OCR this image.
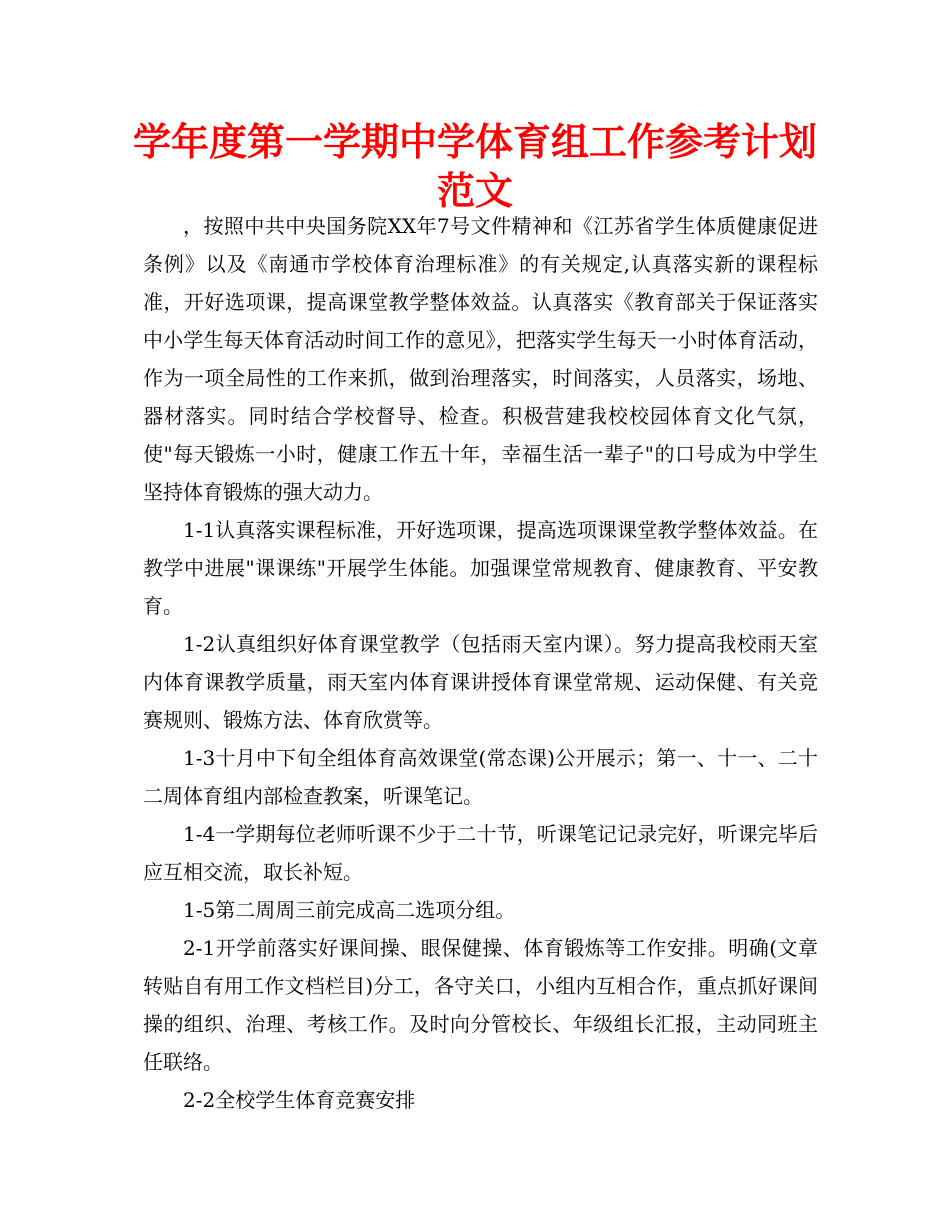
学年度第一学期中学体育组工作参考计划范文

，按照中共中央国务院XX年7号文件精神和《江苏省学生体质健康促进条例》以及《南通市学校体育治理标准》的有关规定,认真落实新的课程标准，开好选项课，提高课堂教学整体效益。认真落实《教育部关于保证落实中小学生每天体育活动时间工作的意见》，把落实学生每天一小时体育活动，作为一项全局性的工作来抓，做到治理落实，时间落实，人员落实，场地、器材落实。同时结合学校督导、检查。积极营建我校校园体育文化气氛，使"每天锻炼一小时，健康工作五十年，幸福生活一辈子"的口号成为中学生坚持体育锻炼的强大动力。

1-1认真落实课程标准，开好选项课，提高选项课课堂教学整体效益。在教学中进展"课课练"开展学生体能。加强课堂常规教育、健康教育、平安教育。

1-2认真组织好体育课堂教学（包括雨天室内课）。努力提高我校雨天室内体育课教学质量，雨天室内体育课讲授体育课堂常规、运动保健、有关竞赛规则、锻炼方法、体育欣赏等。

1-3十月中下旬全组体育高效课堂(常态课)公开展示；第一、十一、二十二周体育组内部检查教案，听课笔记。

1-4一学期每位老师听课不少于二十节，听课笔记记录完好，听课完毕后应互相交流，取长补短。

1-5第二周周三前完成高二选项分组。

2-1开学前落实好课间操、眼保健操、体育锻炼等工作安排。明确(文章转贴自有用工作文档栏目)分工，各守关口，小组内互相合作，重点抓好课间操的组织、治理、考核工作。及时向分管校长、年级组长汇报，主动同班主任联络。

2-2全校学生体育竞赛安排
